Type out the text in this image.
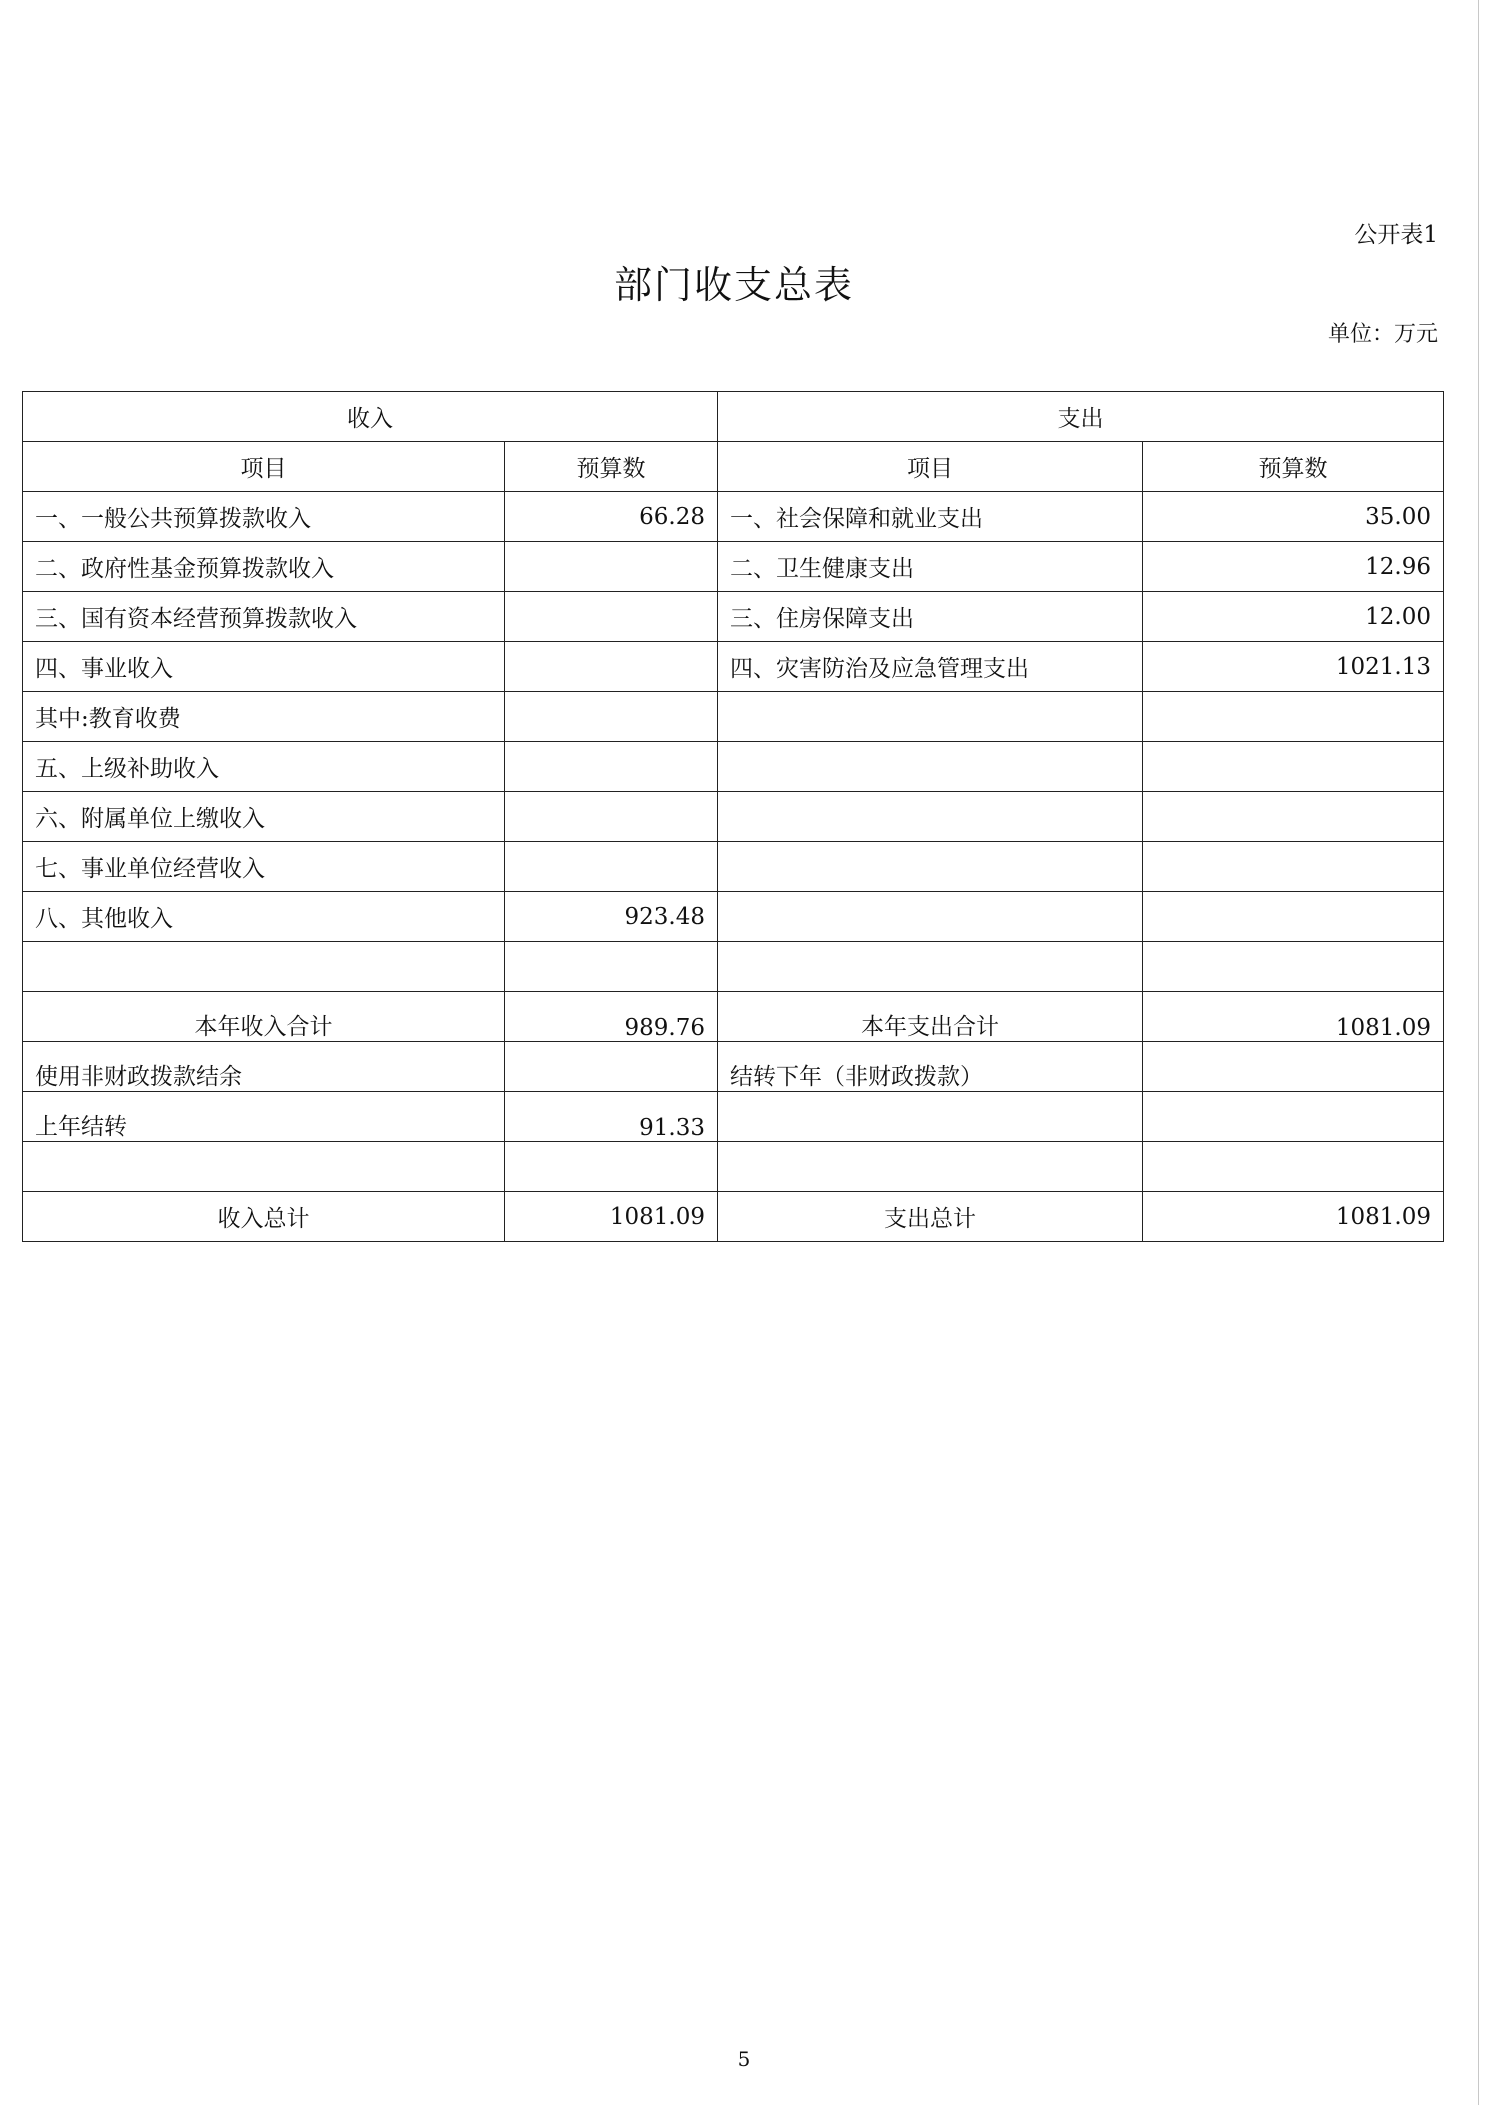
公开表1
部门收支总表
单位：万元
收入		支出	
项目	预算数	项目	预算数
一、一般公共预算拨款收入	66.28	一、社会保障和就业支出	35.00
二、政府性基金预算拨款收入		二、卫生健康支出	12.96
三、国有资本经营预算拨款收入		三、住房保障支出	12.00
四、事业收入		四、灾害防治及应急管理支出	1021.13
其中:教育收费			
五、上级补助收入			
六、附属单位上缴收入			
七、事业单位经营收入			
八、其他收入	923.48		

本年收入合计	989.76	本年支出合计	1081.09
使用非财政拨款结余		结转下年（非财政拨款）	
上年结转	91.33		

收入总计	1081.09	支出总计	1081.09
5
